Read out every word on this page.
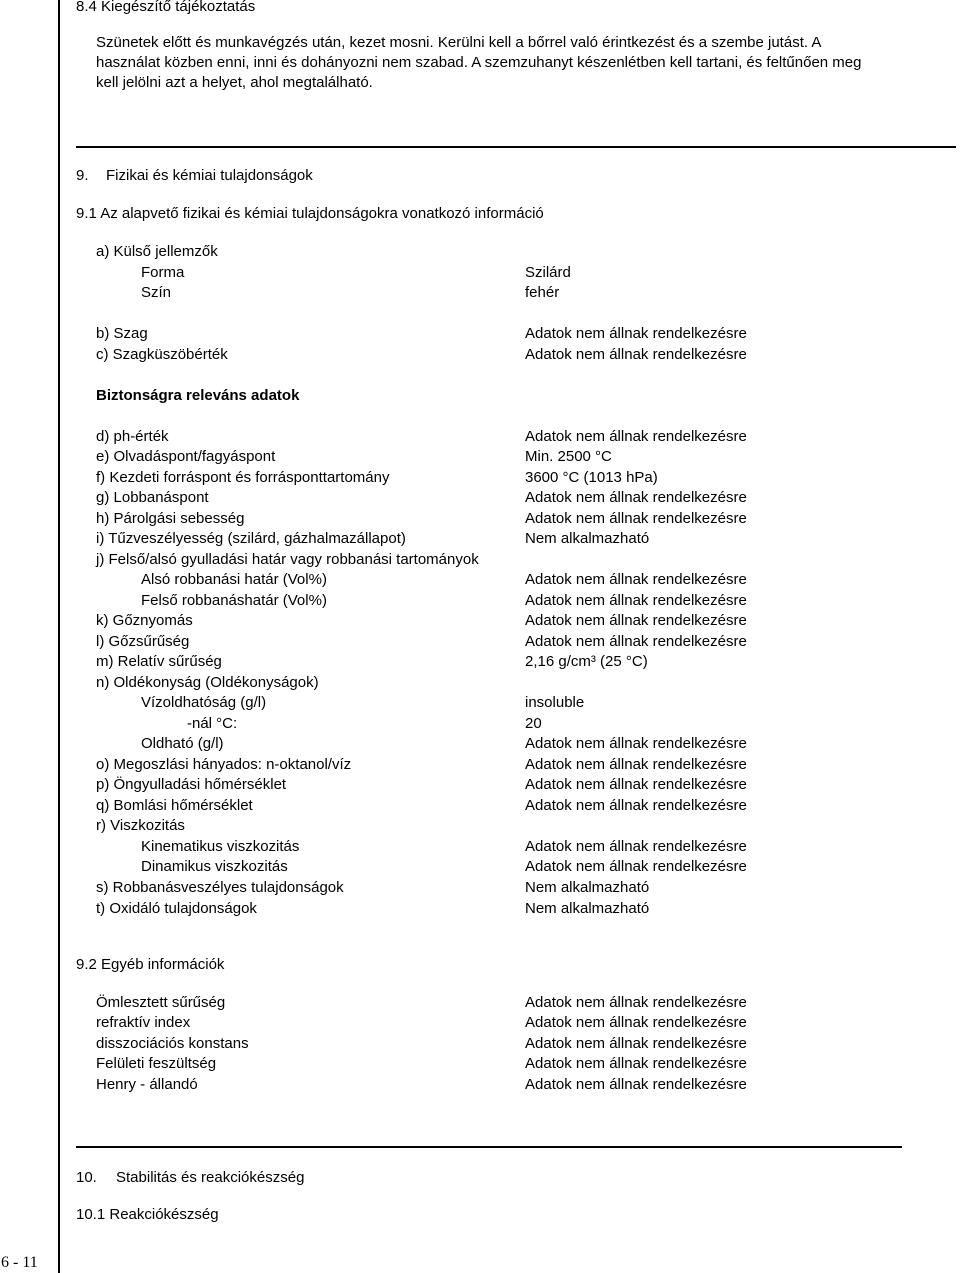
8.4 Kiegészítő tájékoztatás
Szünetek előtt és munkavégzés után, kezet mosni. Kerülni kell a bőrrel való érintkezést és a szembe jutást. A
használat közben enni, inni és dohányozni nem szabad. A szemzuhanyt készenlétben kell tartani, és feltűnően meg
kell jelölni azt a helyet, ahol megtalálható.
9. Fizikai és kémiai tulajdonságok
9.1 Az alapvető fizikai és kémiai tulajdonságokra vonatkozó információ
a) Külső jellemzők
Forma	Szilárd
Szín	fehér
b) Szag	Adatok nem állnak rendelkezésre
c) Szagküszöbérték	Adatok nem állnak rendelkezésre
Biztonságra releváns adatok
d) ph-érték	Adatok nem állnak rendelkezésre
e) Olvadáspont/fagyáspont	Min. 2500 °C
f) Kezdeti forráspont és forrásponttartomány	3600 °C (1013 hPa)
g) Lobbanáspont	Adatok nem állnak rendelkezésre
h) Párolgási sebesség	Adatok nem állnak rendelkezésre
i) Tűzveszélyesség (szilárd, gázhalmazállapot)	Nem alkalmazható
j) Felső/alsó gyulladási határ vagy robbanási tartományok
Alsó robbanási határ (Vol%)	Adatok nem állnak rendelkezésre
Felső robbanáshatár (Vol%)	Adatok nem állnak rendelkezésre
k) Gőznyomás	Adatok nem állnak rendelkezésre
l) Gőzsűrűség	Adatok nem állnak rendelkezésre
m) Relatív sűrűség	2,16 g/cm³ (25 °C)
n) Oldékonyság (Oldékonyságok)
Vízoldhatóság (g/l)	insoluble
-nál °C:	20
Oldható (g/l)	Adatok nem állnak rendelkezésre
o) Megoszlási hányados: n-oktanol/víz	Adatok nem állnak rendelkezésre
p) Öngyulladási hőmérséklet	Adatok nem állnak rendelkezésre
q) Bomlási hőmérséklet	Adatok nem állnak rendelkezésre
r) Viszkozitás
Kinematikus viszkozitás	Adatok nem állnak rendelkezésre
Dinamikus viszkozitás	Adatok nem állnak rendelkezésre
s) Robbanásveszélyes tulajdonságok	Nem alkalmazható
t) Oxidáló tulajdonságok	Nem alkalmazható
9.2 Egyéb információk
Ömlesztett sűrűség	Adatok nem állnak rendelkezésre
refraktív index	Adatok nem állnak rendelkezésre
disszociációs konstans	Adatok nem állnak rendelkezésre
Felületi feszültség	Adatok nem állnak rendelkezésre
Henry - állandó	Adatok nem állnak rendelkezésre
10. Stabilitás és reakciókészség
10.1 Reakciókészség
6 - 11
